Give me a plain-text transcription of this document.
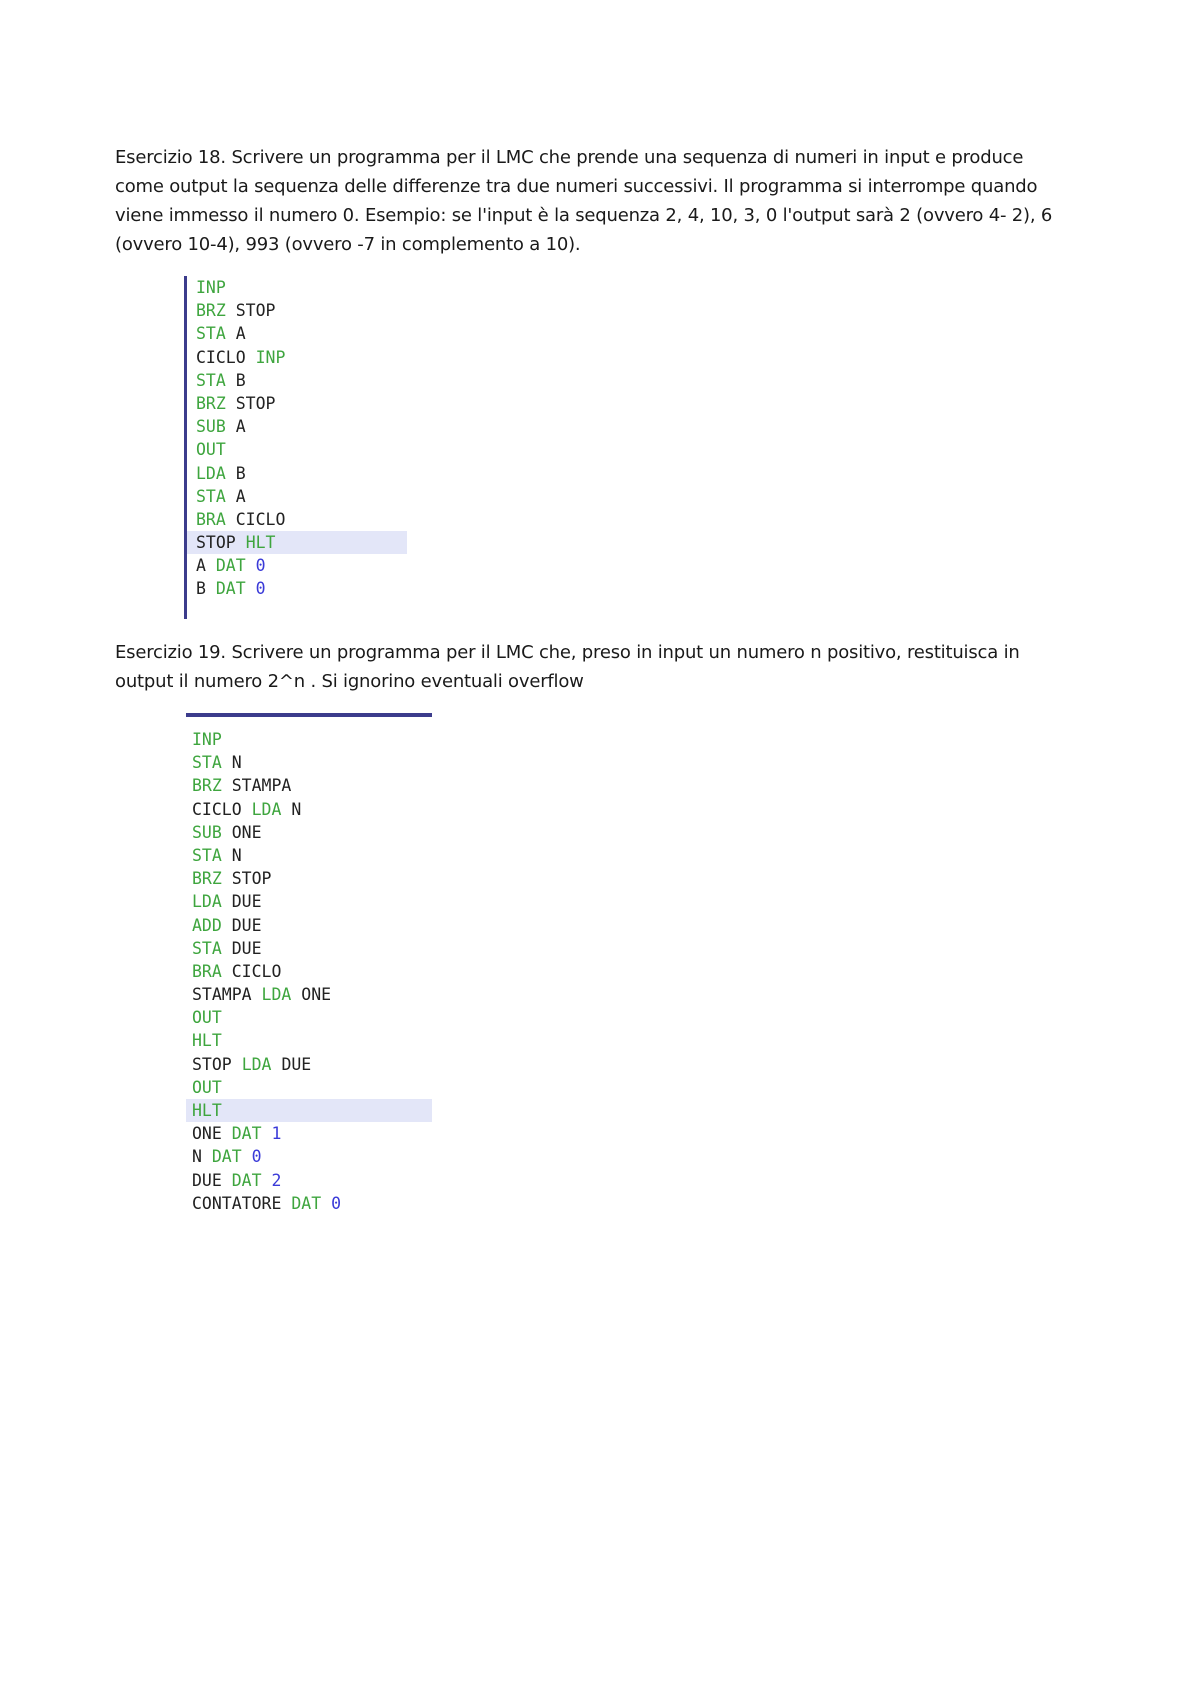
Esercizio 18. Scrivere un programma per il LMC che prende una sequenza di numeri in input e produce come output la sequenza delle differenze tra due numeri successivi. Il programma si interrompe quando viene immesso il numero 0. Esempio: se l'input è la sequenza 2, 4, 10, 3, 0 l'output sarà 2 (ovvero 4- 2), 6 (ovvero 10-4), 993 (ovvero -7 in complemento a 10).

INP
BRZ STOP
STA A
CICLO INP
STA B
BRZ STOP
SUB A
OUT
LDA B
STA A
BRA CICLO
STOP HLT
A DAT 0
B DAT 0

Esercizio 19. Scrivere un programma per il LMC che, preso in input un numero n positivo, restituisca in output il numero 2^n . Si ignorino eventuali overflow

INP
STA N
BRZ STAMPA
CICLO LDA N
SUB ONE
STA N
BRZ STOP
LDA DUE
ADD DUE
STA DUE
BRA CICLO
STAMPA LDA ONE
OUT
HLT
STOP LDA DUE
OUT
HLT
ONE DAT 1
N DAT 0
DUE DAT 2
CONTATORE DAT 0
